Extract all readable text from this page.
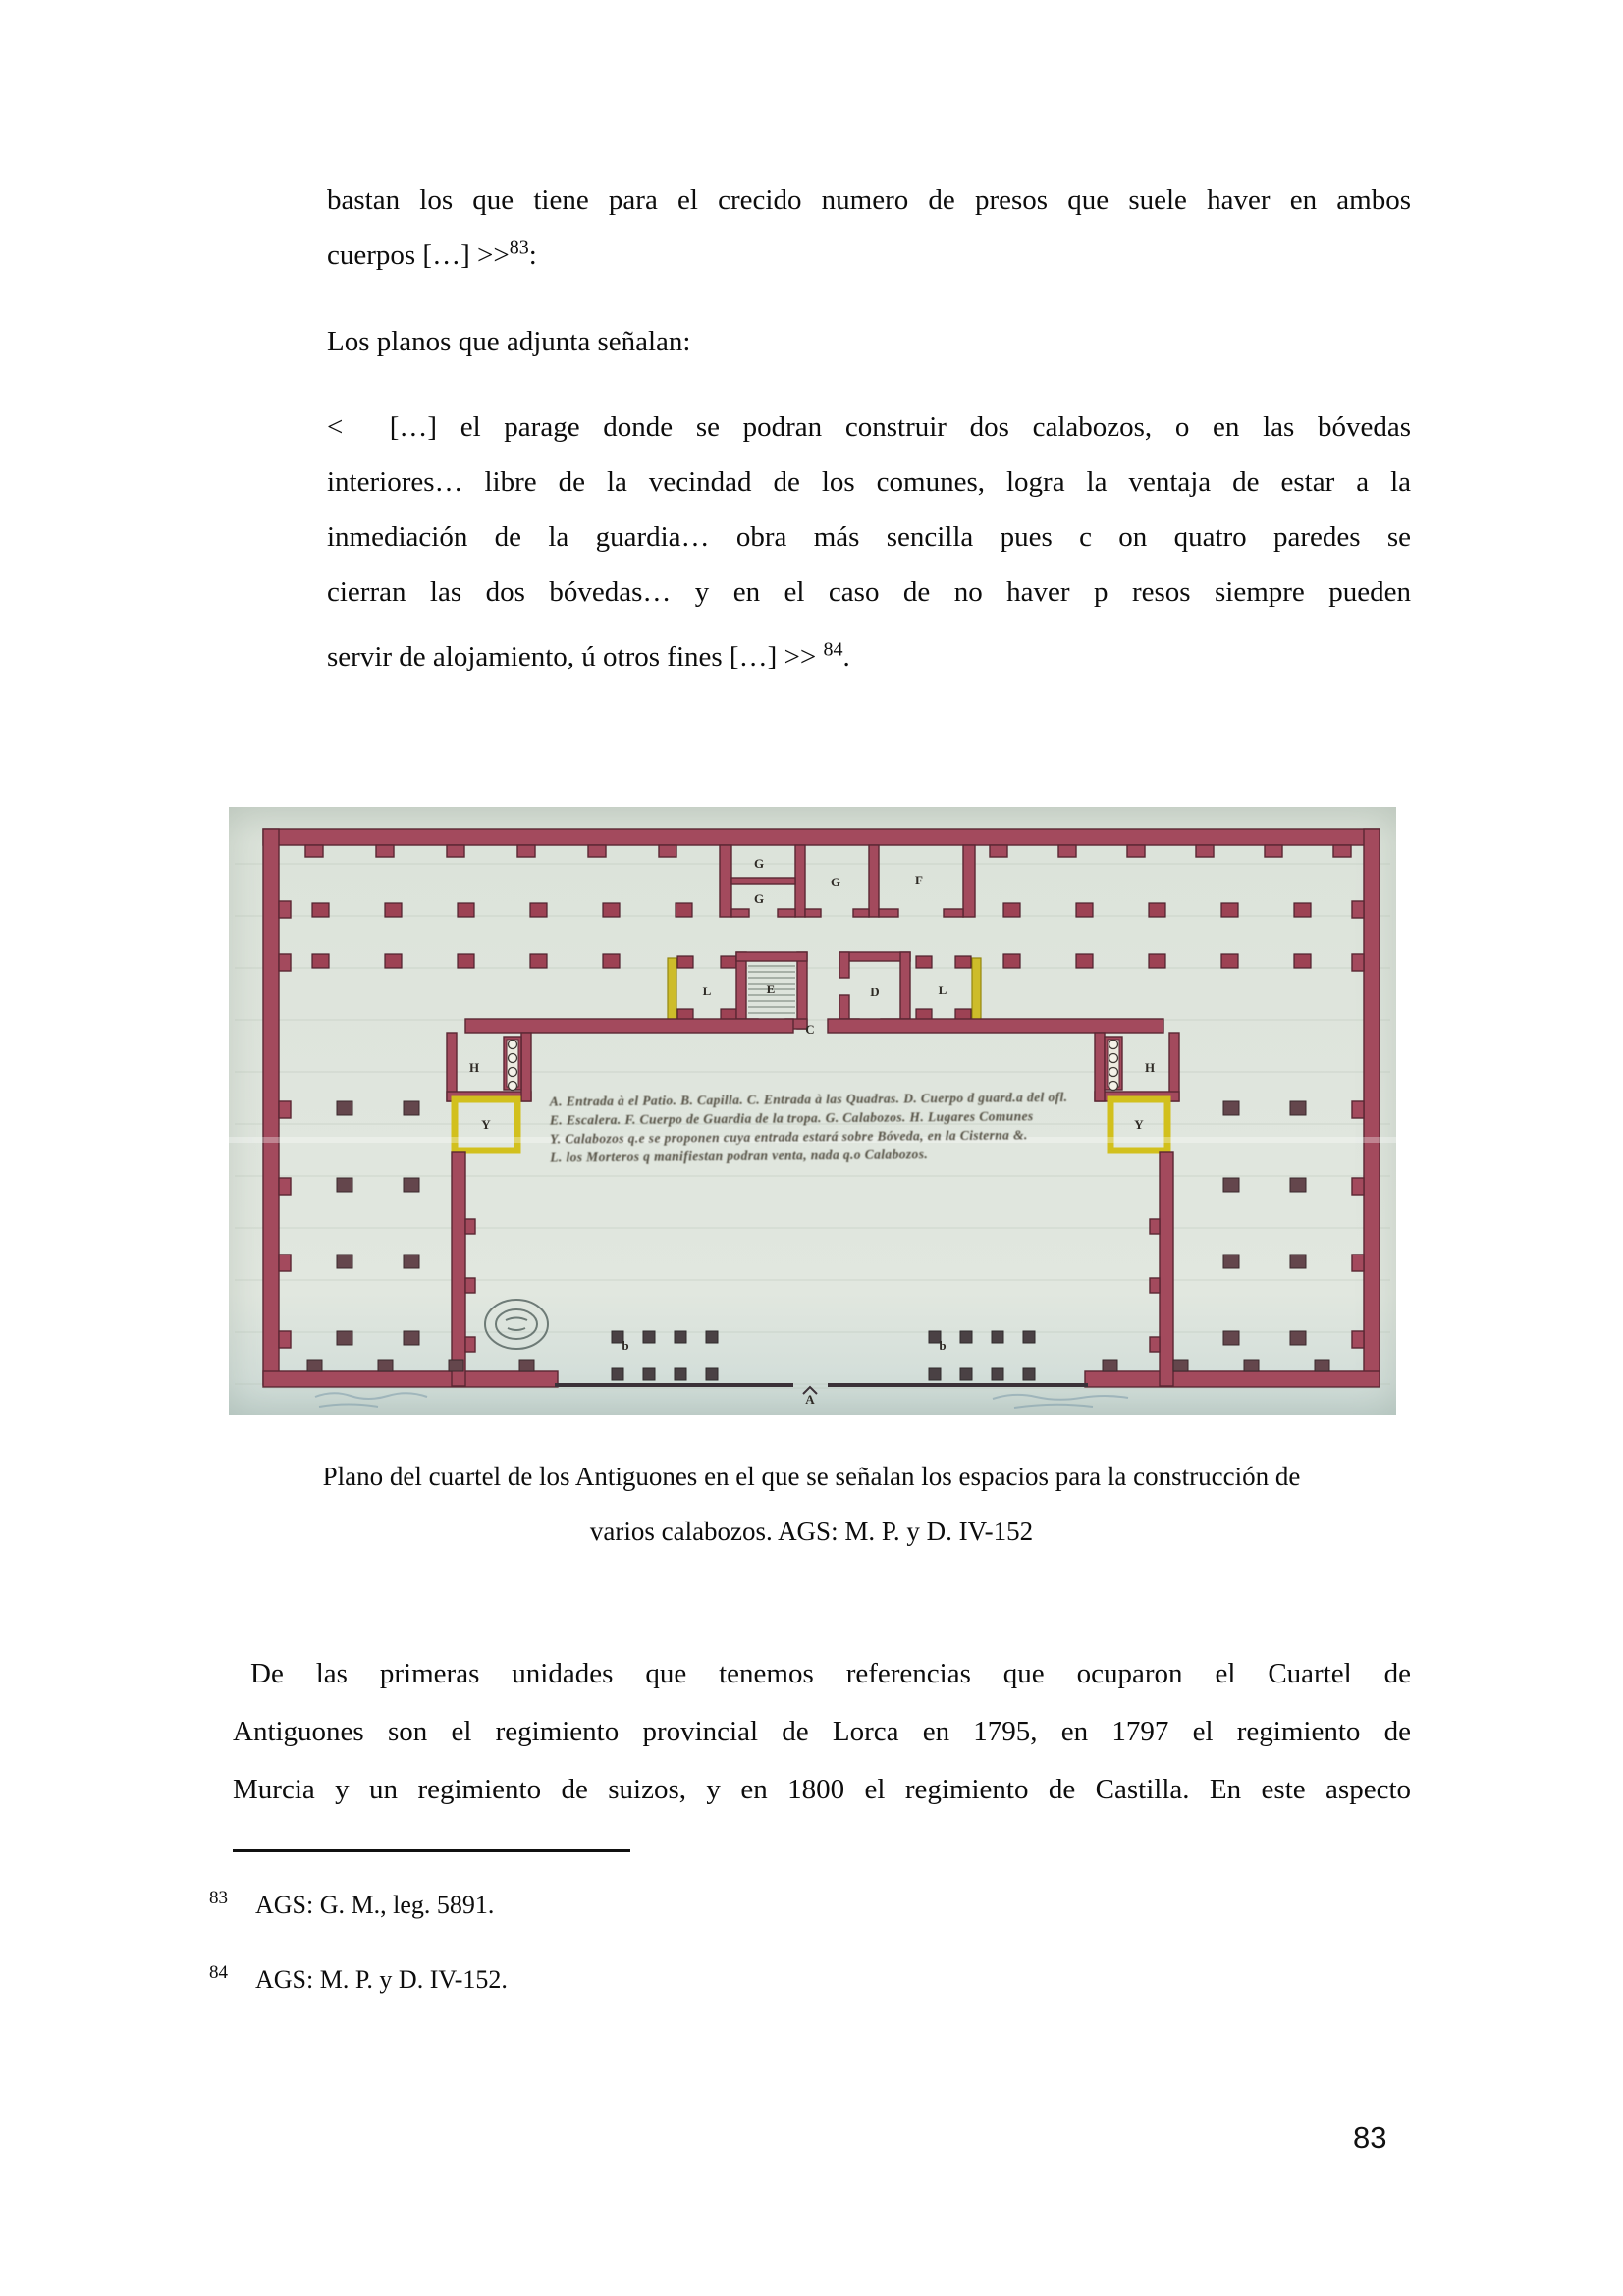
bastan los que tiene para el crecido numero de presos que suele haver en ambos
cuerpos […] >>$^{83}$:
Los planos que adjunta señalan:
<  […] el parage donde se podran construir dos calabozos, o en las bóvedas
interiores… libre de la vecindad de los comunes, logra la ventaja de estar a la
inmediación de la guardia… obra más sencilla pues c on quatro paredes se
cierran las dos bóvedas… y en el caso de no haver p resos siempre pueden
servir de alojamiento, ú otros fines […] >> $^{84}$.
G
G
G	F
L	E	D	L
C
H	H
Y	Y
b	b
A
A. Entrada à el Patio. B. Capilla. C. Entrada à las Quadras. D. Cuerpo d guard.a del ofl.
E. Escalera. F. Cuerpo de Guardia de la tropa. G. Calabozos. H. Lugares Comunes
Y. Calabozos q.e se proponen cuya entrada estará sobre Bóveda, en la Cisterna &.
L. los Morteros q manifiestan podran venta, nada q.o Calabozos.
Plano del cuartel de los Antiguones en el que se señalan los espacios para la construcción de
varios calabozos. AGS: M. P. y D. IV-152
De las primeras unidades que tenemos referencias que ocuparon el Cuartel de
Antiguones son el regimiento provincial de Lorca en 1795, en 1797 el regimiento de
Murcia y un regimiento de suizos, y en 1800 el regimiento de Castilla. En este aspecto
$^{83}$ AGS: G. M., leg. 5891.
$^{84}$ AGS: M. P. y D. IV-152.
83
